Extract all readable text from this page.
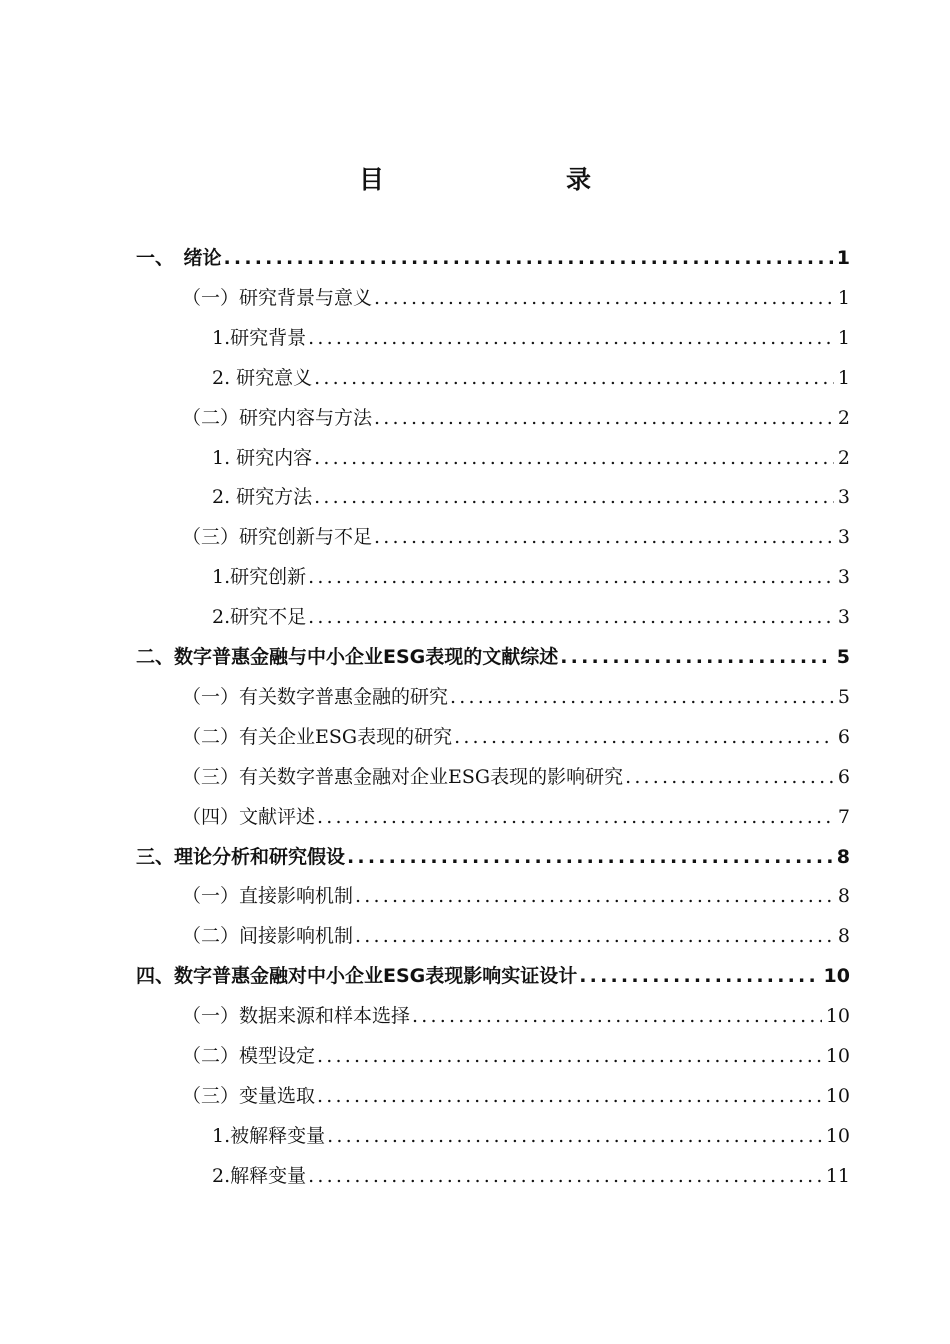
目　　录
一、　绪论 .....	1
（一）研究背景与意义 .....	1
1.研究背景 .....	1
2. 研究意义 .....	1
（二）研究内容与方法 .....	2
1. 研究内容 .....	2
2. 研究方法 .....	3
（三）研究创新与不足 .....	3
1.研究创新 .....	3
2.研究不足 .....	3
二、数字普惠金融与中小企业ESG表现的文献综述 .....	5
（一）有关数字普惠金融的研究 .....	5
（二）有关企业ESG表现的研究 .....	6
（三）有关数字普惠金融对企业ESG表现的影响研究 .....	6
（四）文献评述 .....	7
三、理论分析和研究假设 .....	8
（一）直接影响机制 .....	8
（二）间接影响机制 .....	8
四、数字普惠金融对中小企业ESG表现影响实证设计 .....	10
（一）数据来源和样本选择 .....	10
（二）模型设定 .....	10
（三）变量选取 .....	10
1.被解释变量 .....	10
2.解释变量 .....	11
